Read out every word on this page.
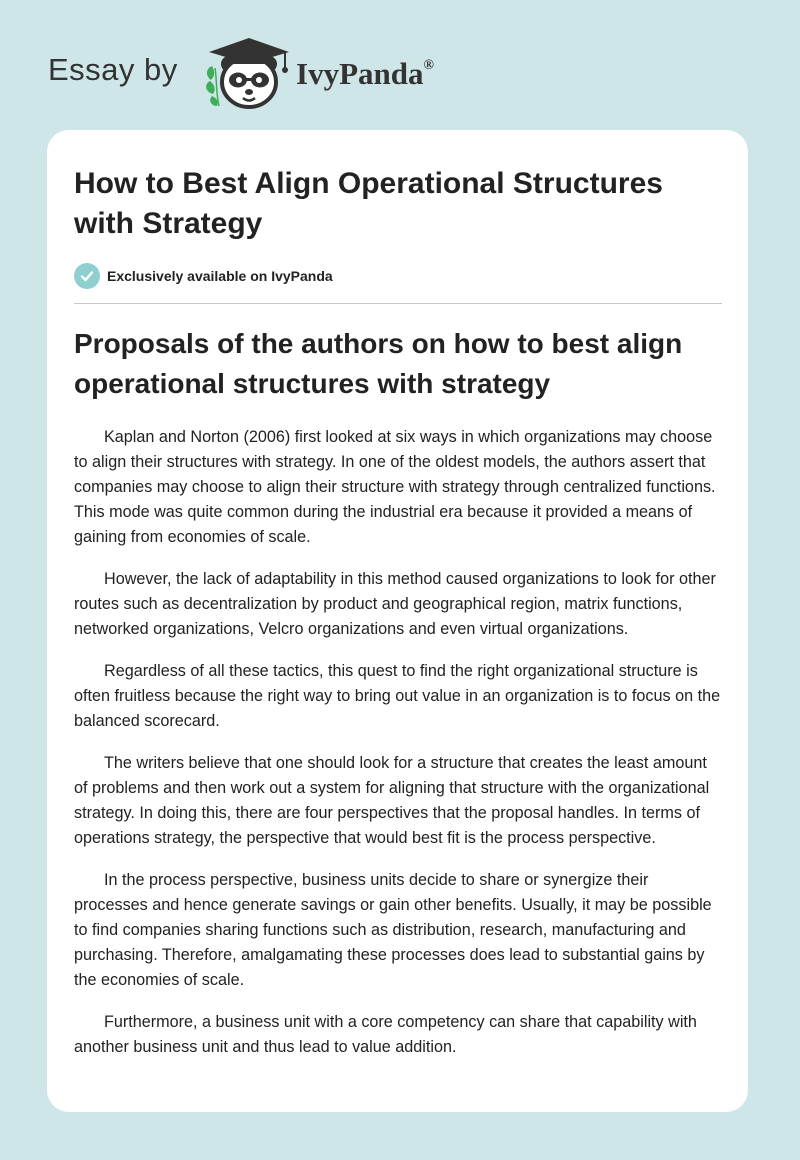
Essay by	IvyPanda®
How to Best Align Operational Structures with Strategy
Exclusively available on IvyPanda
Proposals of the authors on how to best align operational structures with strategy

Kaplan and Norton (2006) first looked at six ways in which organizations may choose to align their structures with strategy. In one of the oldest models, the authors assert that companies may choose to align their structure with strategy through centralized functions. This mode was quite common during the industrial era because it provided a means of gaining from economies of scale.

However, the lack of adaptability in this method caused organizations to look for other routes such as decentralization by product and geographical region, matrix functions, networked organizations, Velcro organizations and even virtual organizations.

Regardless of all these tactics, this quest to find the right organizational structure is often fruitless because the right way to bring out value in an organization is to focus on the balanced scorecard.

The writers believe that one should look for a structure that creates the least amount of problems and then work out a system for aligning that structure with the organizational strategy. In doing this, there are four perspectives that the proposal handles. In terms of operations strategy, the perspective that would best fit is the process perspective.

In the process perspective, business units decide to share or synergize their processes and hence generate savings or gain other benefits. Usually, it may be possible to find companies sharing functions such as distribution, research, manufacturing and purchasing. Therefore, amalgamating these processes does lead to substantial gains by the economies of scale.

Furthermore, a business unit with a core competency can share that capability with another business unit and thus lead to value addition.
